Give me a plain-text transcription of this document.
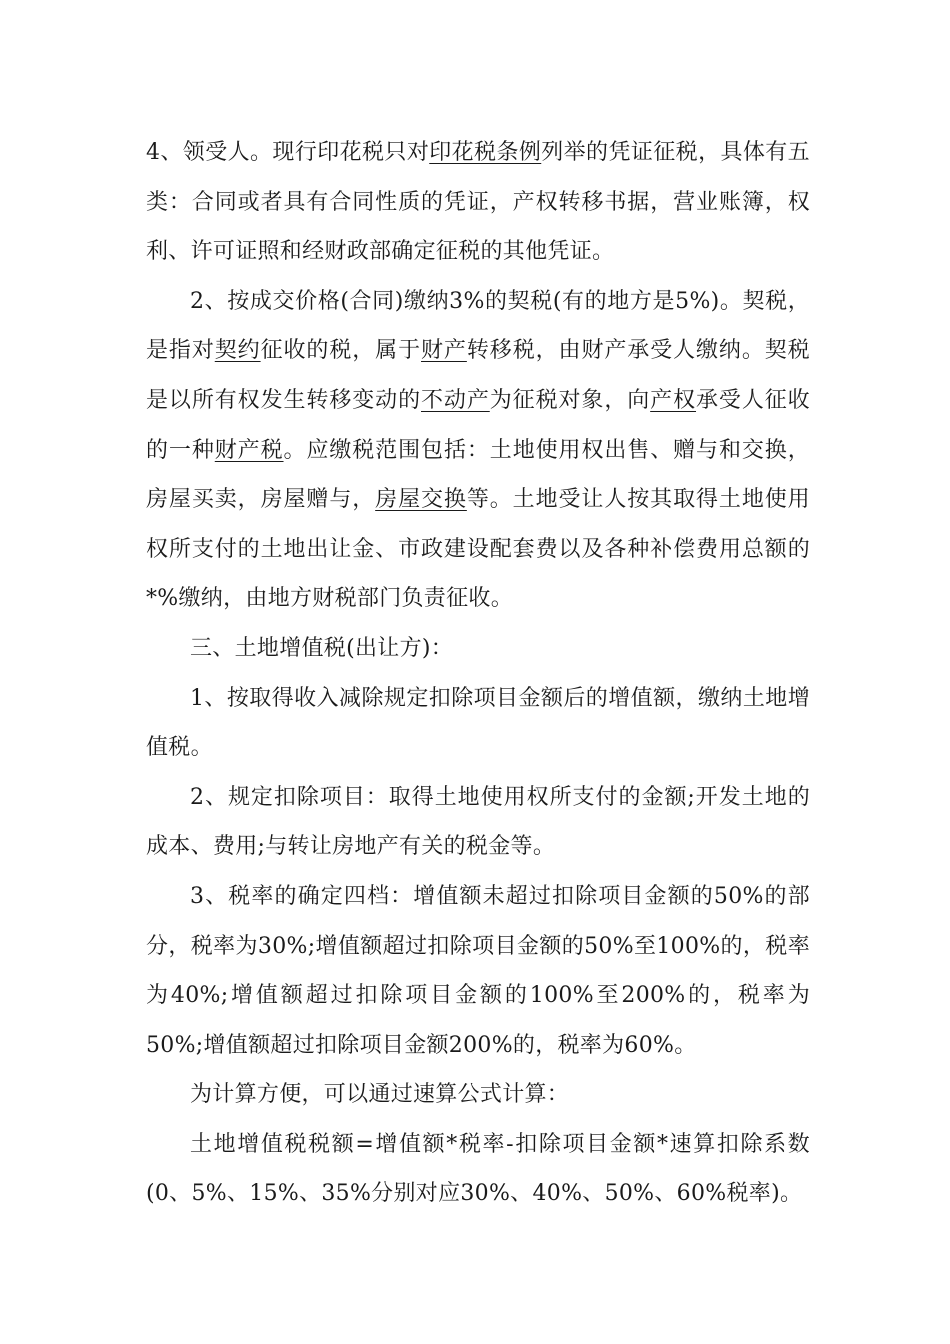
4、领受人。现行印花税只对印花税条例列举的凭证征税，具体有五类：合同或者具有合同性质的凭证，产权转移书据，营业账簿，权利、许可证照和经财政部确定征税的其他凭证。

2、按成交价格(合同)缴纳3%的契税(有的地方是5%)。契税，是指对契约征收的税，属于财产转移税，由财产承受人缴纳。契税是以所有权发生转移变动的不动产为征税对象，向产权承受人征收的一种财产税。应缴税范围包括：土地使用权出售、赠与和交换，房屋买卖，房屋赠与，房屋交换等。土地受让人按其取得土地使用权所支付的土地出让金、市政建设配套费以及各种补偿费用总额的*%缴纳，由地方财税部门负责征收。

三、土地增值税(出让方)：

1、按取得收入减除规定扣除项目金额后的增值额，缴纳土地增值税。

2、规定扣除项目：取得土地使用权所支付的金额;开发土地的成本、费用;与转让房地产有关的税金等。

3、税率的确定四档：增值额未超过扣除项目金额的50%的部分，税率为30%;增值额超过扣除项目金额的50%至100%的，税率为40%;增值额超过扣除项目金额的100%至200%的，税率为50%;增值额超过扣除项目金额200%的，税率为60%。

为计算方便，可以通过速算公式计算：

土地增值税税额=增值额*税率-扣除项目金额*速算扣除系数(0、5%、15%、35%分别对应30%、40%、50%、60%税率)。
